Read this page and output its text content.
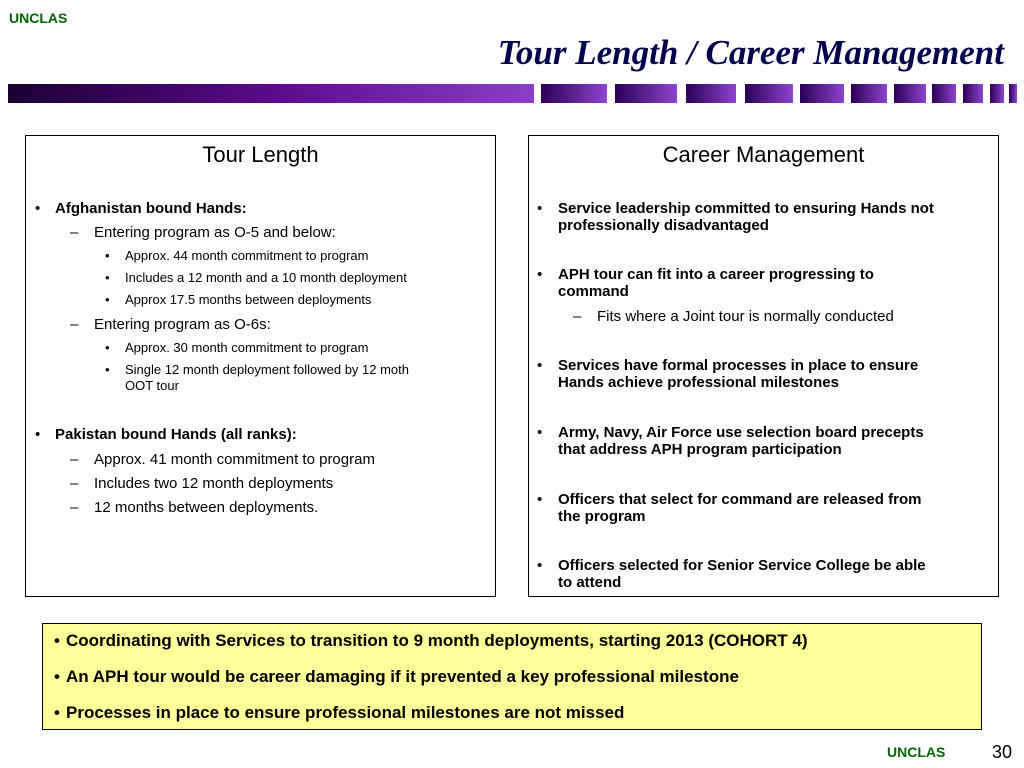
UNCLAS
Tour Length / Career Management
Tour Length
• Afghanistan bound Hands:
– Entering program as O-5 and below:
• Approx. 44 month commitment to program
• Includes a 12 month and a 10 month deployment
• Approx 17.5 months between deployments
– Entering program as O-6s:
• Approx. 30 month commitment to program
• Single 12 month deployment followed by 12 moth
OOT tour
• Pakistan bound Hands (all ranks):
– Approx. 41 month commitment to program
– Includes two 12 month deployments
– 12 months between deployments.
Career Management
• Service leadership committed to ensuring Hands not
professionally disadvantaged
• APH tour can fit into a career progressing to
command
– Fits where a Joint tour is normally conducted
• Services have formal processes in place to ensure
Hands achieve professional milestones
• Army, Navy, Air Force use selection board precepts
that address APH program participation
• Officers that select for command are released from
the program
• Officers selected for Senior Service College be able
to attend
• Coordinating with Services to transition to 9 month deployments, starting 2013 (COHORT 4)
• An APH tour would be career damaging if it prevented a key professional milestone
• Processes in place to ensure professional milestones are not missed
UNCLAS	30
